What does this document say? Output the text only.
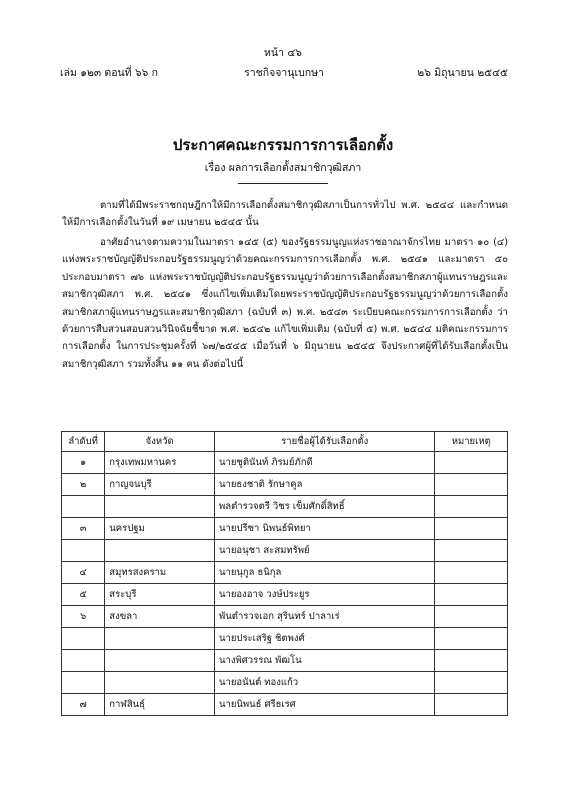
หน้า ๔๖
ราชกิจจานุเบกษา
เล่ม ๑๒๓ ตอนที่ ๖๖ ก	๒๖ มิถุนายน ๒๕๔๕
ประกาศคณะกรรมการการเลือกตั้ง
เรื่อง ผลการเลือกตั้งสมาชิกวุฒิสภา
ตามที่ได้มีพระราชกฤษฎีกาให้มีการเลือกตั้งสมาชิกวุฒิสภาเป็นการทั่วไป พ.ศ. ๒๕๔๔ และกำหนดให้มีการเลือกตั้งในวันที่ ๑๙ เมษายน ๒๕๔๕ นั้น
อาศัยอำนาจตามความในมาตรา ๑๔๕ (๕) ของรัฐธรรมนูญแห่งราชอาณาจักรไทย มาตรา ๑๐ (๔) แห่งพระราชบัญญัติประกอบรัฐธรรมนูญว่าด้วยคณะกรรมการการเลือกตั้ง พ.ศ. ๒๕๔๑ และมาตรา ๕๐ ประกอบมาตรา ๗๖ แห่งพระราชบัญญัติประกอบรัฐธรรมนูญว่าด้วยการเลือกตั้งสมาชิกสภาผู้แทนราษฎรและสมาชิกวุฒิสภา พ.ศ. ๒๕๔๑ ซึ่งแก้ไขเพิ่มเติมโดยพระราชบัญญัติประกอบรัฐธรรมนูญว่าด้วยการเลือกตั้งสมาชิกสภาผู้แทนราษฎรและสมาชิกวุฒิสภา (ฉบับที่ ๓) พ.ศ. ๒๕๔๓ ระเบียบคณะกรรมการการเลือกตั้ง ว่าด้วยการสืบสวนสอบสวนวินิจฉัยชี้ขาด พ.ศ. ๒๕๔๒ แก้ไขเพิ่มเติม (ฉบับที่ ๕) พ.ศ. ๒๕๔๔ มติคณะกรรมการการเลือกตั้ง ในการประชุมครั้งที่ ๖๗/๒๕๔๕ เมื่อวันที่ ๖ มิถุนายน ๒๕๔๕ จึงประกาศผู้ที่ได้รับเลือกตั้งเป็นสมาชิกวุฒิสภา รวมทั้งสิ้น ๑๑ คน ดังต่อไปนี้
ลำดับที่	จังหวัด	รายชื่อผู้ได้รับเลือกตั้ง	หมายเหตุ
๑	กรุงเทพมหานคร	นายชูตินันท์ ภิรมย์ภักดี	
๒	กาญจนบุรี	นายธงชาติ รักษาคูล	
		พลตำรวจตรี วิชร เข็มศักดิ์สิทธิ์	
๓	นครปฐม	นายปรีชา นิพนธ์พิทยา	
		นายอนุชา สะสมทรัพย์	
๔	สมุทรสงคราม	นายนุกูล ธนิกุล	
๕	สระบุรี	นายองอาจ วงษ์ประยูร	
๖	สงขลา	พันตำรวจเอก สุรินทร์ ปาลาเร่	
		นายประเสริฐ ชิตพงศ์	
		นางพิศวรรณ พัฒโน	
		นายอนันต์ ทองแก้ว	
๗	กาฬสินธุ์	นายนิพนธ์ ศรีธเรศ	
